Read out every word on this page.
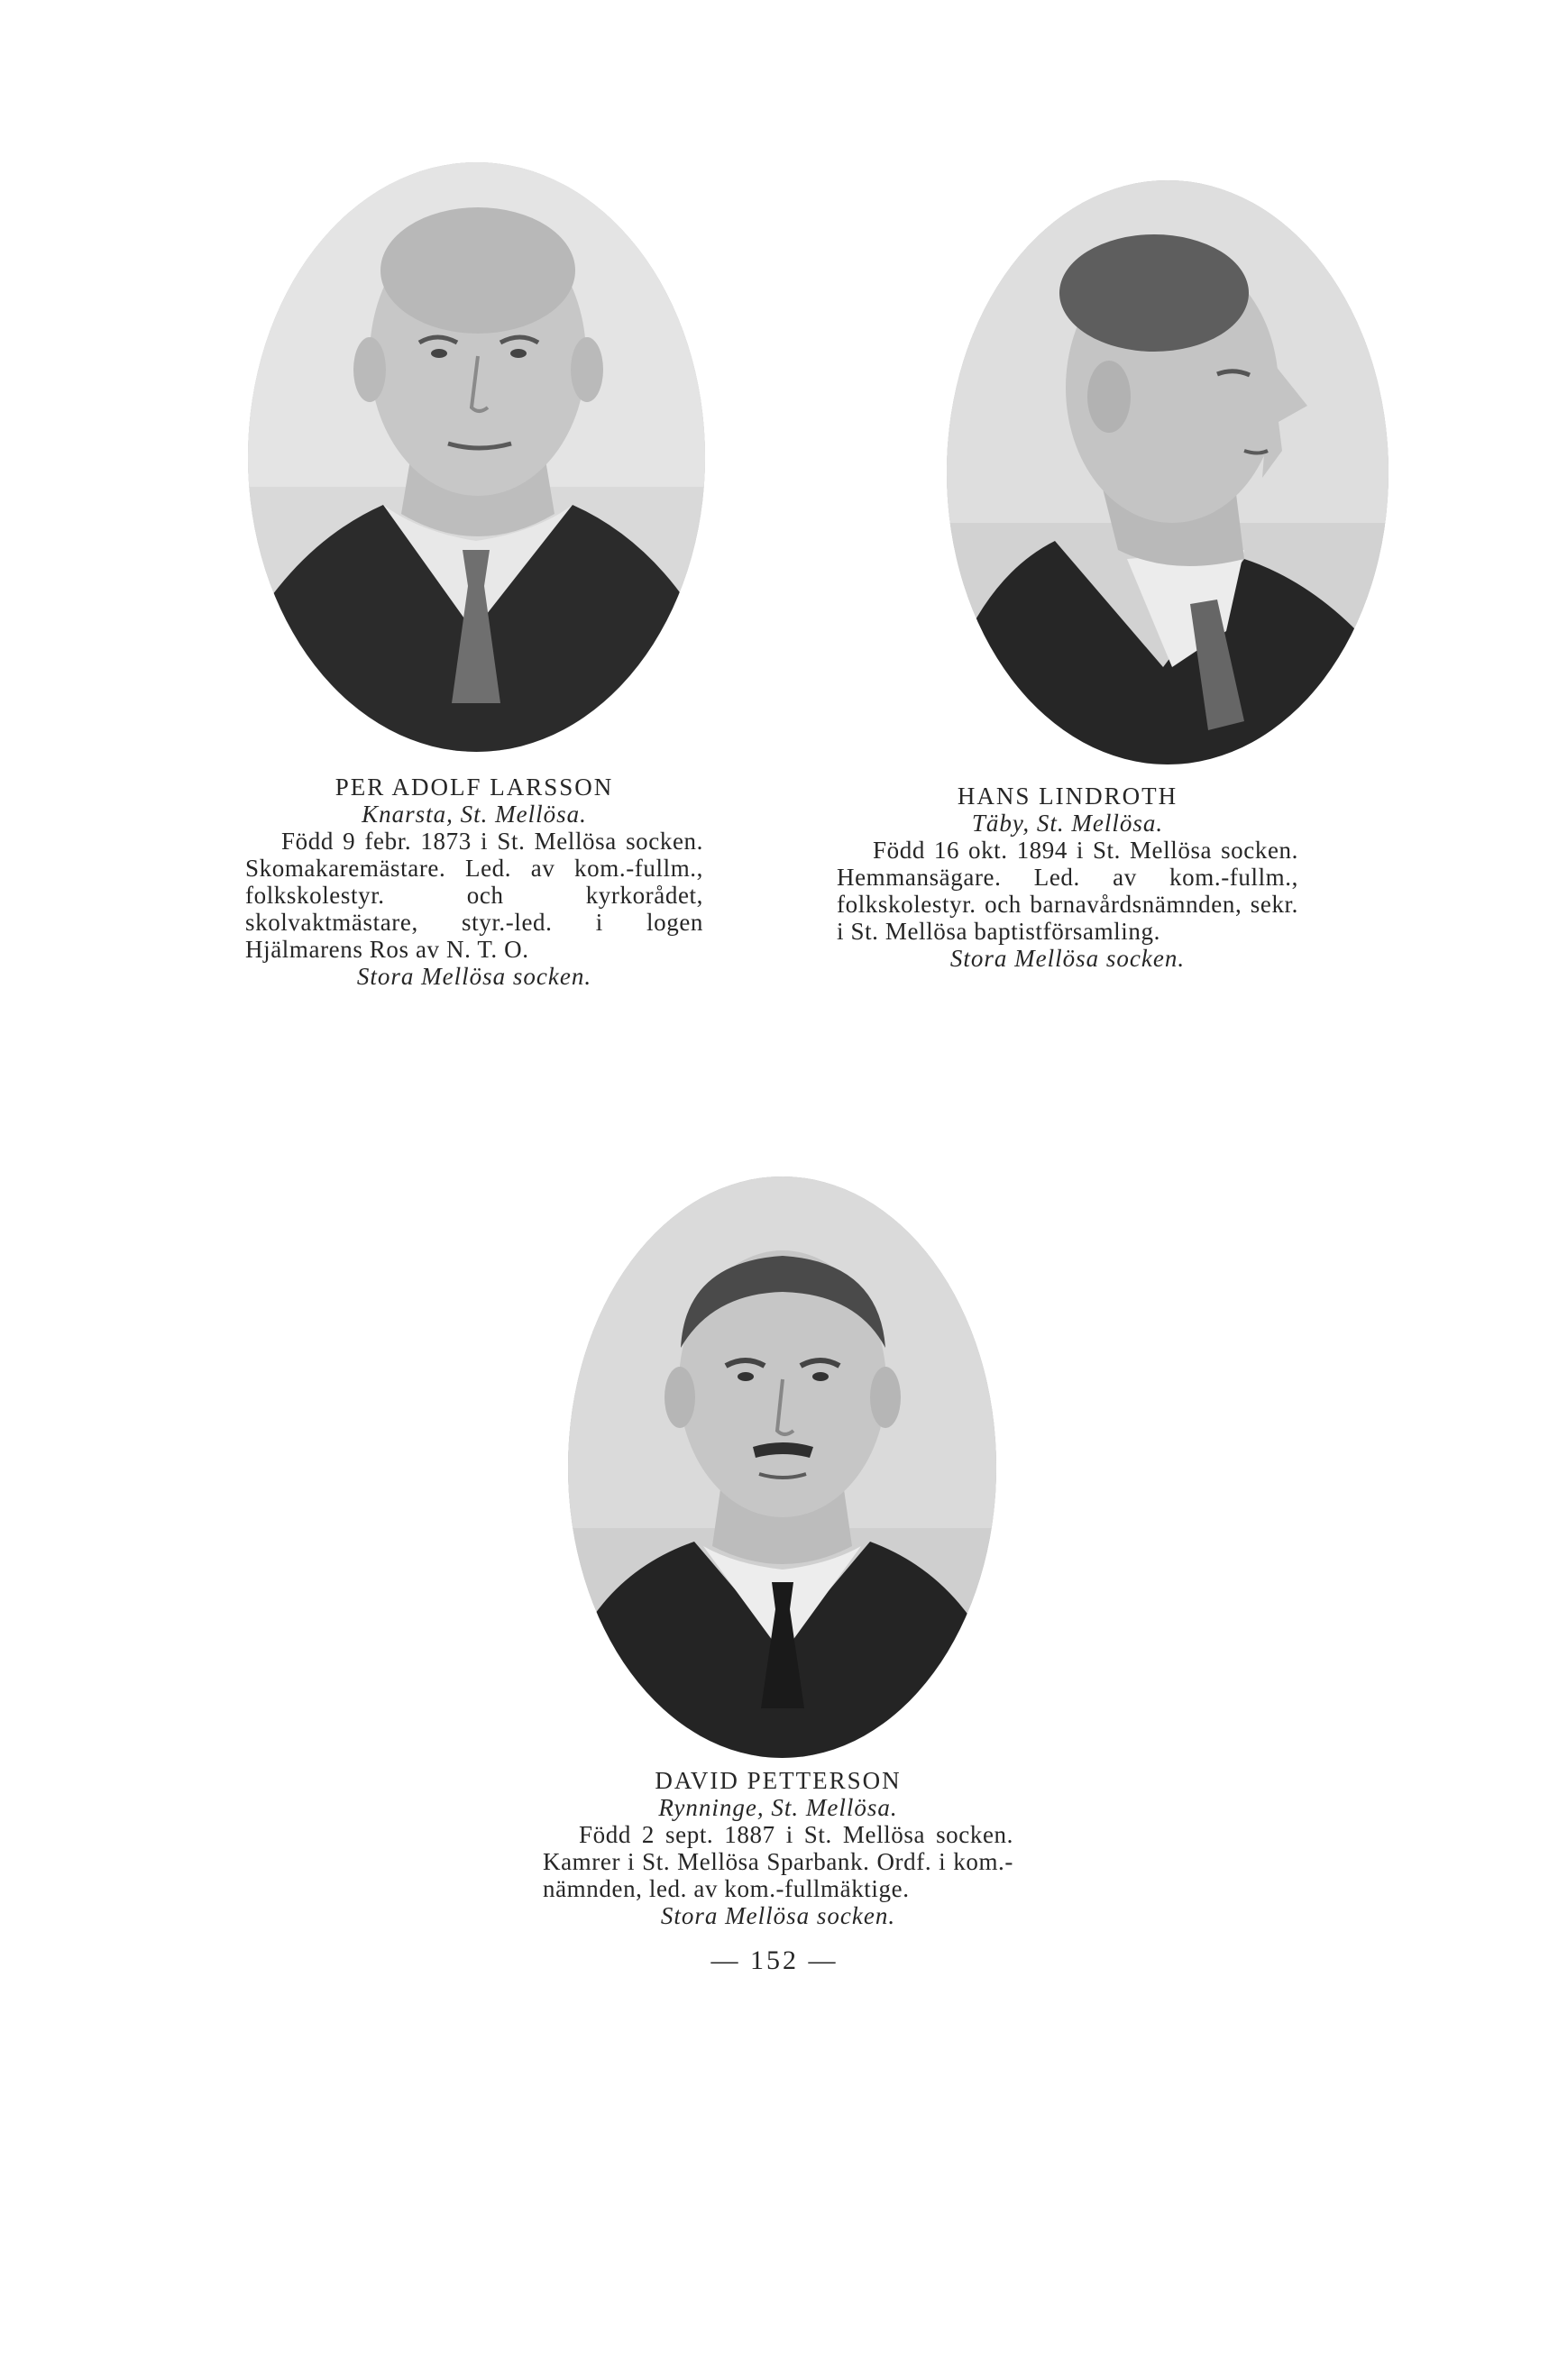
PER ADOLF LARSSON
Knarsta, St. Mellösa.
Född 9 febr. 1873 i St. Mellösa socken. Skomakaremästare. Led. av kom.-fullm., folkskolestyr. och kyrkorådet, skolvaktmästare, styr.-led. i logen Hjälmarens Ros av N. T. O.
Stora Mellösa socken.
HANS LINDROTH
Täby, St. Mellösa.
Född 16 okt. 1894 i St. Mellösa socken. Hemmansägare. Led. av kom.-fullm., folkskolestyr. och barnavårdsnämnden, sekr. i St. Mellösa baptistförsamling.
Stora Mellösa socken.
DAVID PETTERSON
Rynninge, St. Mellösa.
Född 2 sept. 1887 i St. Mellösa socken. Kamrer i St. Mellösa Sparbank. Ordf. i kom.-nämnden, led. av kom.-fullmäktige.
Stora Mellösa socken.
— 152 —
